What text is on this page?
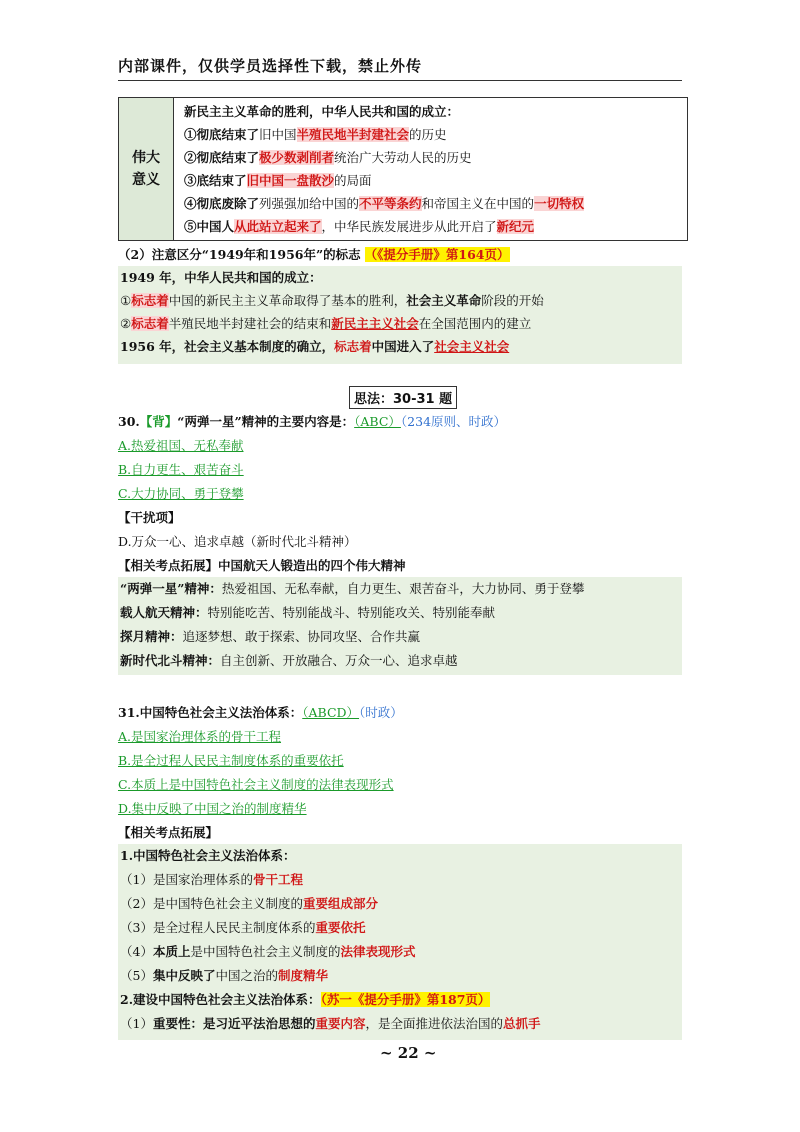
内部课件，仅供学员选择性下载，禁止外传
伟大意义

新民主主义革命的胜利，中华人民共和国的成立：
①彻底结束了旧中国半殖民地半封建社会的历史
②彻底结束了极少数剥削者统治广大劳动人民的历史
③底结束了旧中国一盘散沙的局面
④彻底废除了列强强加给中国的不平等条约和帝国主义在中国的一切特权
⑤中国人从此站立起来了，中华民族发展进步从此开启了新纪元
（2）注意区分“1949年和1956年”的标志 （《提分手册》第164页）
1949 年，中华人民共和国的成立：
①标志着中国的新民主主义革命取得了基本的胜利，社会主义革命阶段的开始
②标志着半殖民地半封建社会的结束和新民主主义社会在全国范围内的建立
1956 年，社会主义基本制度的确立，标志着中国进入了社会主义社会
思法：30-31 题
30.【背】“两弹一星”精神的主要内容是：（ABC）（234原则、时政）
A.热爱祖国、无私奉献
B.自力更生、艰苦奋斗
C.大力协同、勇于登攀
【干扰项】
D.万众一心、追求卓越（新时代北斗精神）
【相关考点拓展】中国航天人锻造出的四个伟大精神
“两弹一星”精神：热爱祖国、无私奉献，自力更生、艰苦奋斗，大力协同、勇于登攀
载人航天精神：特别能吃苦、特别能战斗、特别能攻关、特别能奉献
探月精神：追逐梦想、敢于探索、协同攻坚、合作共赢
新时代北斗精神：自主创新、开放融合、万众一心、追求卓越
31.中国特色社会主义法治体系：（ABCD）（时政）
A.是国家治理体系的骨干工程
B.是全过程人民民主制度体系的重要依托
C.本质上是中国特色社会主义制度的法律表现形式
D.集中反映了中国之治的制度精华
【相关考点拓展】
1.中国特色社会主义法治体系：
（1）是国家治理体系的骨干工程
（2）是中国特色社会主义制度的重要组成部分
（3）是全过程人民民主制度体系的重要依托
（4）本质上是中国特色社会主义制度的法律表现形式
（5）集中反映了中国之治的制度精华
2.建设中国特色社会主义法治体系：（苏一《提分手册》第187页）
（1）重要性：是习近平法治思想的重要内容，是全面推进依法治国的总抓手
~ 22 ~
